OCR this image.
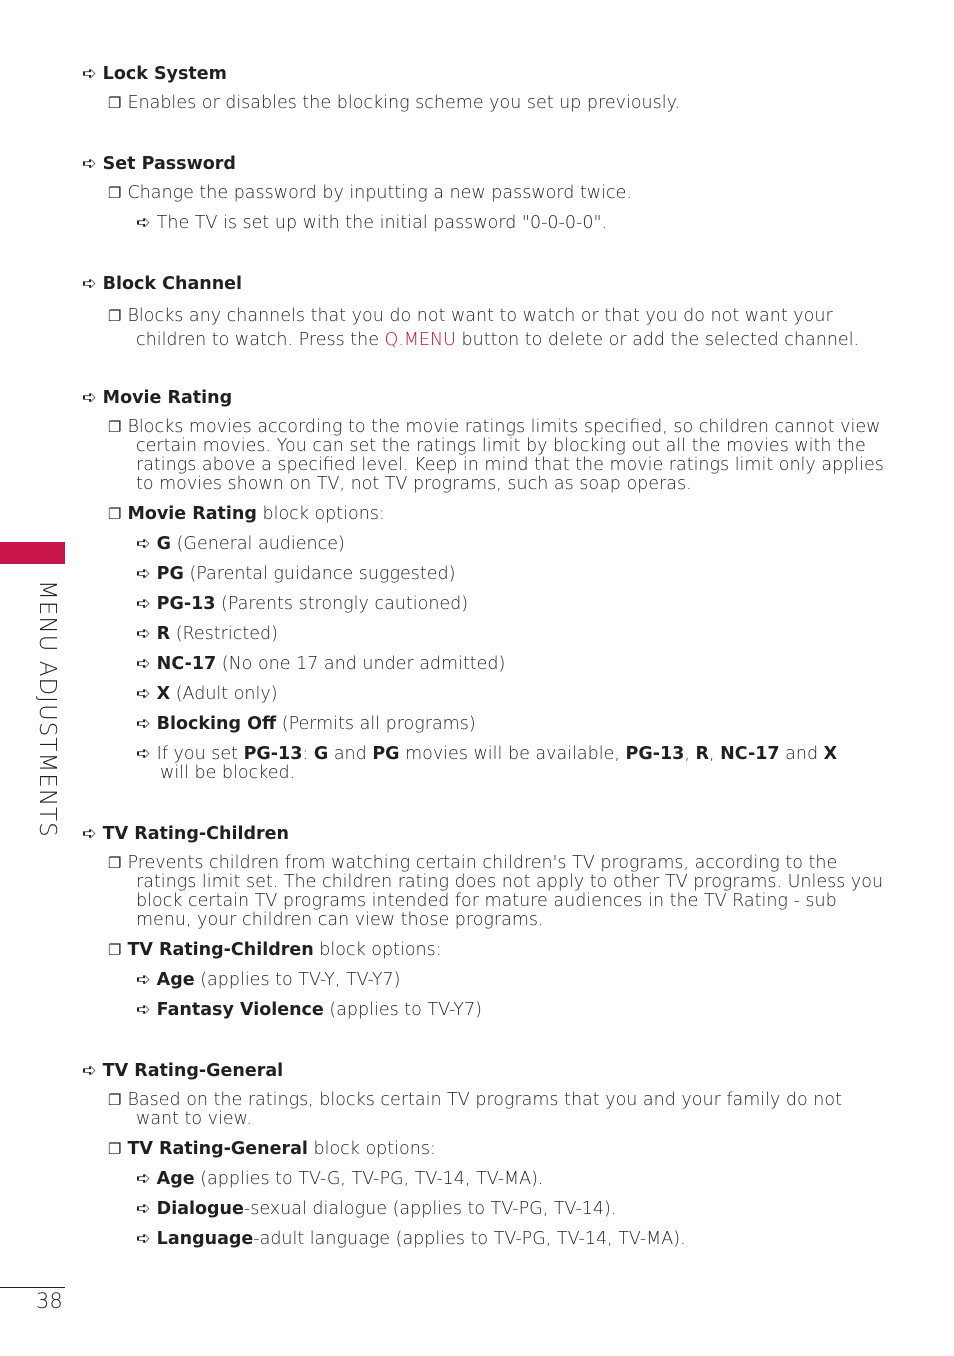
MENU ADJUSTMENTS
38
➪ Lock System
❐ Enables or disables the blocking scheme you set up previously.
➪ Set Password
❐ Change the password by inputting a new password twice.
➪ The TV is set up with the initial password "0-0-0-0".
➪ Block Channel
❐ Blocks any channels that you do not want to watch or that you do not want your children to watch. Press the Q.MENU button to delete or add the selected channel.
➪ Movie Rating
❐ Blocks movies according to the movie ratings limits specified, so children cannot view certain movies. You can set the ratings limit by blocking out all the movies with the ratings above a specified level. Keep in mind that the movie ratings limit only applies to movies shown on TV, not TV programs, such as soap operas.
❐ Movie Rating block options:
➪ G (General audience)
➪ PG (Parental guidance suggested)
➪ PG-13 (Parents strongly cautioned)
➪ R (Restricted)
➪ NC-17 (No one 17 and under admitted)
➪ X (Adult only)
➪ Blocking Off (Permits all programs)
➪ If you set PG-13: G and PG movies will be available, PG-13, R, NC-17 and X will be blocked.
➪ TV Rating-Children
❐ Prevents children from watching certain children's TV programs, according to the ratings limit set. The children rating does not apply to other TV programs. Unless you block certain TV programs intended for mature audiences in the TV Rating - sub menu, your children can view those programs.
❐ TV Rating-Children block options:
➪ Age (applies to TV-Y, TV-Y7)
➪ Fantasy Violence (applies to TV-Y7)
➪ TV Rating-General
❐ Based on the ratings, blocks certain TV programs that you and your family do not want to view.
❐ TV Rating-General block options:
➪ Age (applies to TV-G, TV-PG, TV-14, TV-MA).
➪ Dialogue-sexual dialogue (applies to TV-PG, TV-14).
➪ Language-adult language (applies to TV-PG, TV-14, TV-MA).
